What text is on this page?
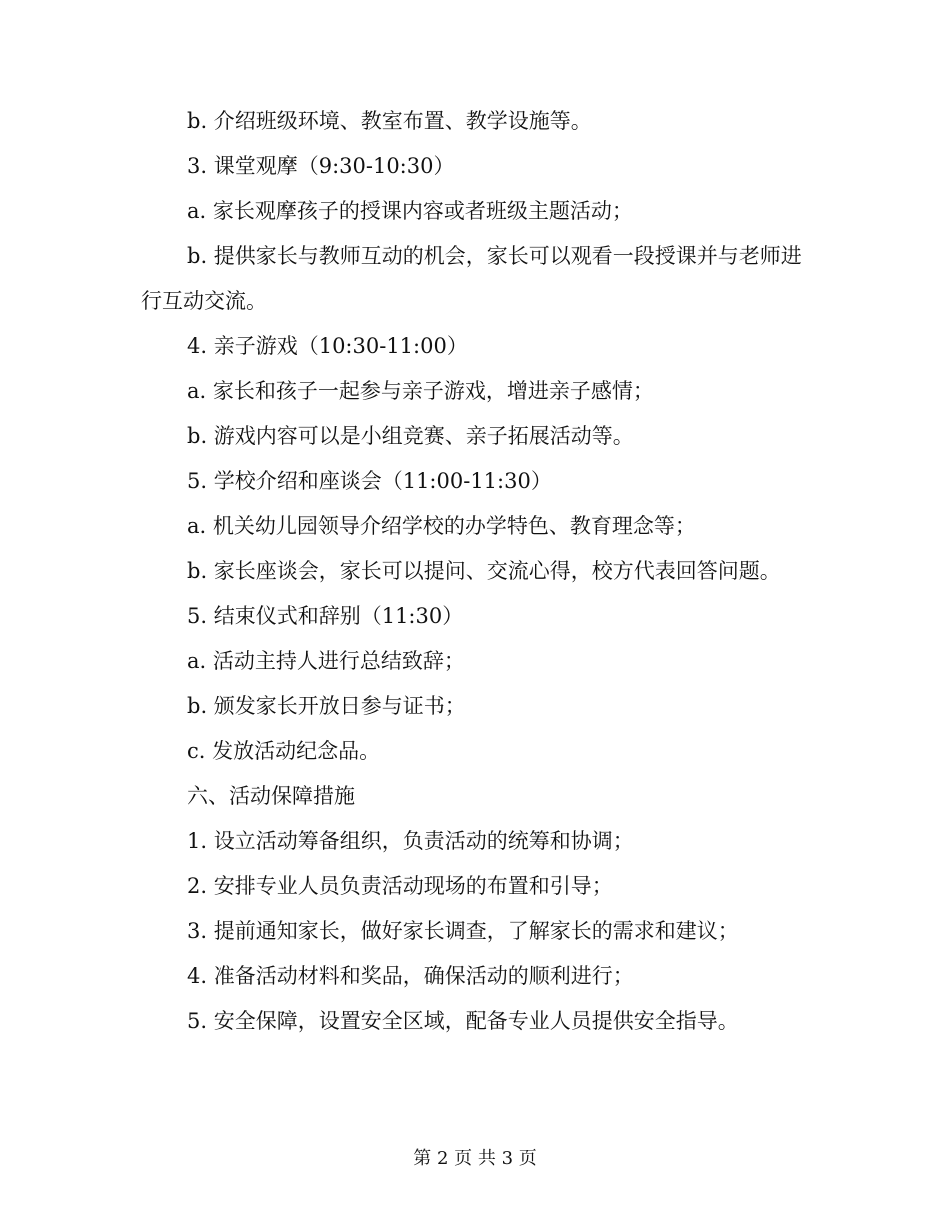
b. 介绍班级环境、教室布置、教学设施等。

3. 课堂观摩（9:30-10:30）

a. 家长观摩孩子的授课内容或者班级主题活动；

b. 提供家长与教师互动的机会，家长可以观看一段授课并与老师进行互动交流。

4. 亲子游戏（10:30-11:00）

a. 家长和孩子一起参与亲子游戏，增进亲子感情；

b. 游戏内容可以是小组竞赛、亲子拓展活动等。

5. 学校介绍和座谈会（11:00-11:30）

a. 机关幼儿园领导介绍学校的办学特色、教育理念等；

b. 家长座谈会，家长可以提问、交流心得，校方代表回答问题。

5. 结束仪式和辞别（11:30）

a. 活动主持人进行总结致辞；

b. 颁发家长开放日参与证书；

c. 发放活动纪念品。

六、活动保障措施

1. 设立活动筹备组织，负责活动的统筹和协调；

2. 安排专业人员负责活动现场的布置和引导；

3. 提前通知家长，做好家长调查，了解家长的需求和建议；

4. 准备活动材料和奖品，确保活动的顺利进行；

5. 安全保障，设置安全区域，配备专业人员提供安全指导。

第 2 页 共 3 页
